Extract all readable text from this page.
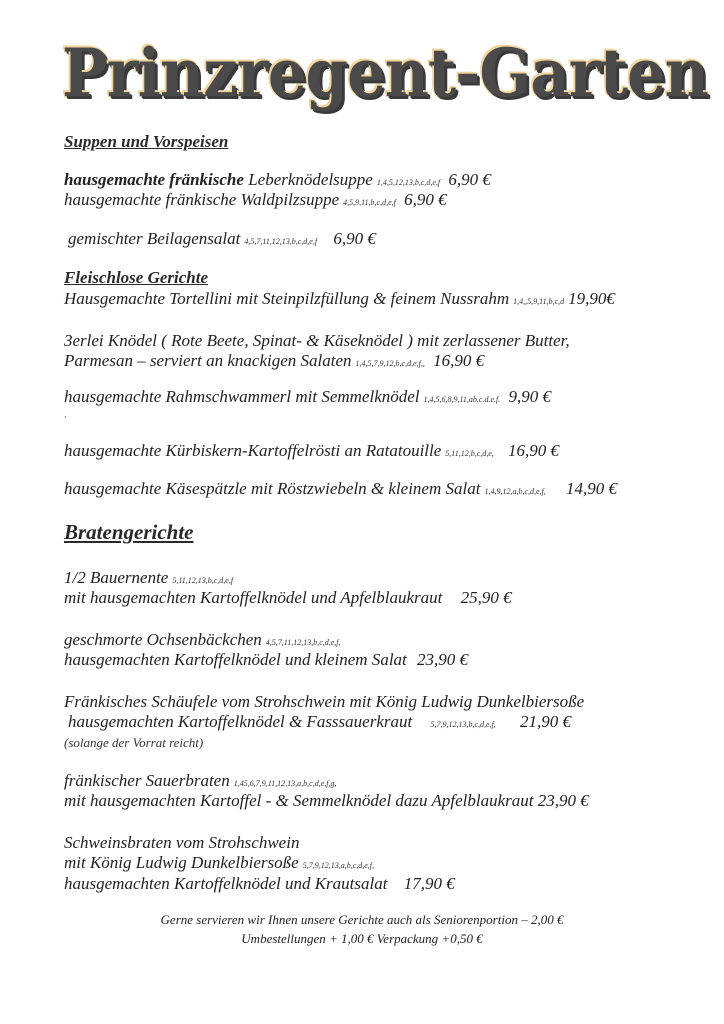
Prinzregent-Garten
Suppen und Vorspeisen
hausgemachte fränkische Leberknödelsuppe 1,4,5,12,13,b,c,d,e,f 6,90 €
hausgemachte fränkische Waldpilzsuppe 4,5,9,11,b,c,d,e,f 6,90 €
gemischter Beilagensalat 4,5,7,11,12,13,b,c,d,e,f 6,90 €
Fleischlose Gerichte
Hausgemachte Tortellini mit Steinpilzfüllung & feinem Nussrahm 1,4,,5,9,11,b,c,d 19,90€
3erlei Knödel ( Rote Beete, Spinat- & Käseknödel ) mit zerlassener Butter,
Parmesan – serviert an knackigen Salaten 1,4,5,7,9,12,b,c,d,e,f,, 16,90 €
hausgemachte Rahmschwammerl mit Semmelknödel 1,4,5,6,8,9,11,ab.c.d.e.f. 9,90 €
,
hausgemachte Kürbiskern-Kartoffelrösti an Ratatouille 5,11,12,b,c,d,e, 16,90 €
hausgemachte Käsespätzle mit Röstzwiebeln & kleinem Salat 1,4,9,12,a,b,c,d,e,f, 14,90 €
Bratengerichte
1/2 Bauernente 5,11,12,13,b,c,d,e,f
mit hausgemachten Kartoffelknödel und Apfelblaukraut 25,90 €
geschmorte Ochsenbäckchen 4,5,7,11,12,13,b,c,d,e,f,
hausgemachten Kartoffelknödel und kleinem Salat 23,90 €
Fränkisches Schäufele vom Strohschwein mit König Ludwig Dunkelbiersoße
hausgemachten Kartoffelknödel & Fasssauerkraut 5,7,9,12,13,b,c,d,e,f, 21,90 €
(solange der Vorrat reicht)
fränkischer Sauerbraten 1,45,6,7,9,11,12,13,a,b,c,d,e,f,g,
mit hausgemachten Kartoffel - & Semmelknödel dazu Apfelblaukraut 23,90 €
Schweinsbraten vom Strohschwein
mit König Ludwig Dunkelbiersoße 5,7,9,12,13,a,b,c,d,e,f,
hausgemachten Kartoffelknödel und Krautsalat 17,90 €
Gerne servieren wir Ihnen unsere Gerichte auch als Seniorenportion – 2,00 €
Umbestellungen + 1,00 € Verpackung +0,50 €
